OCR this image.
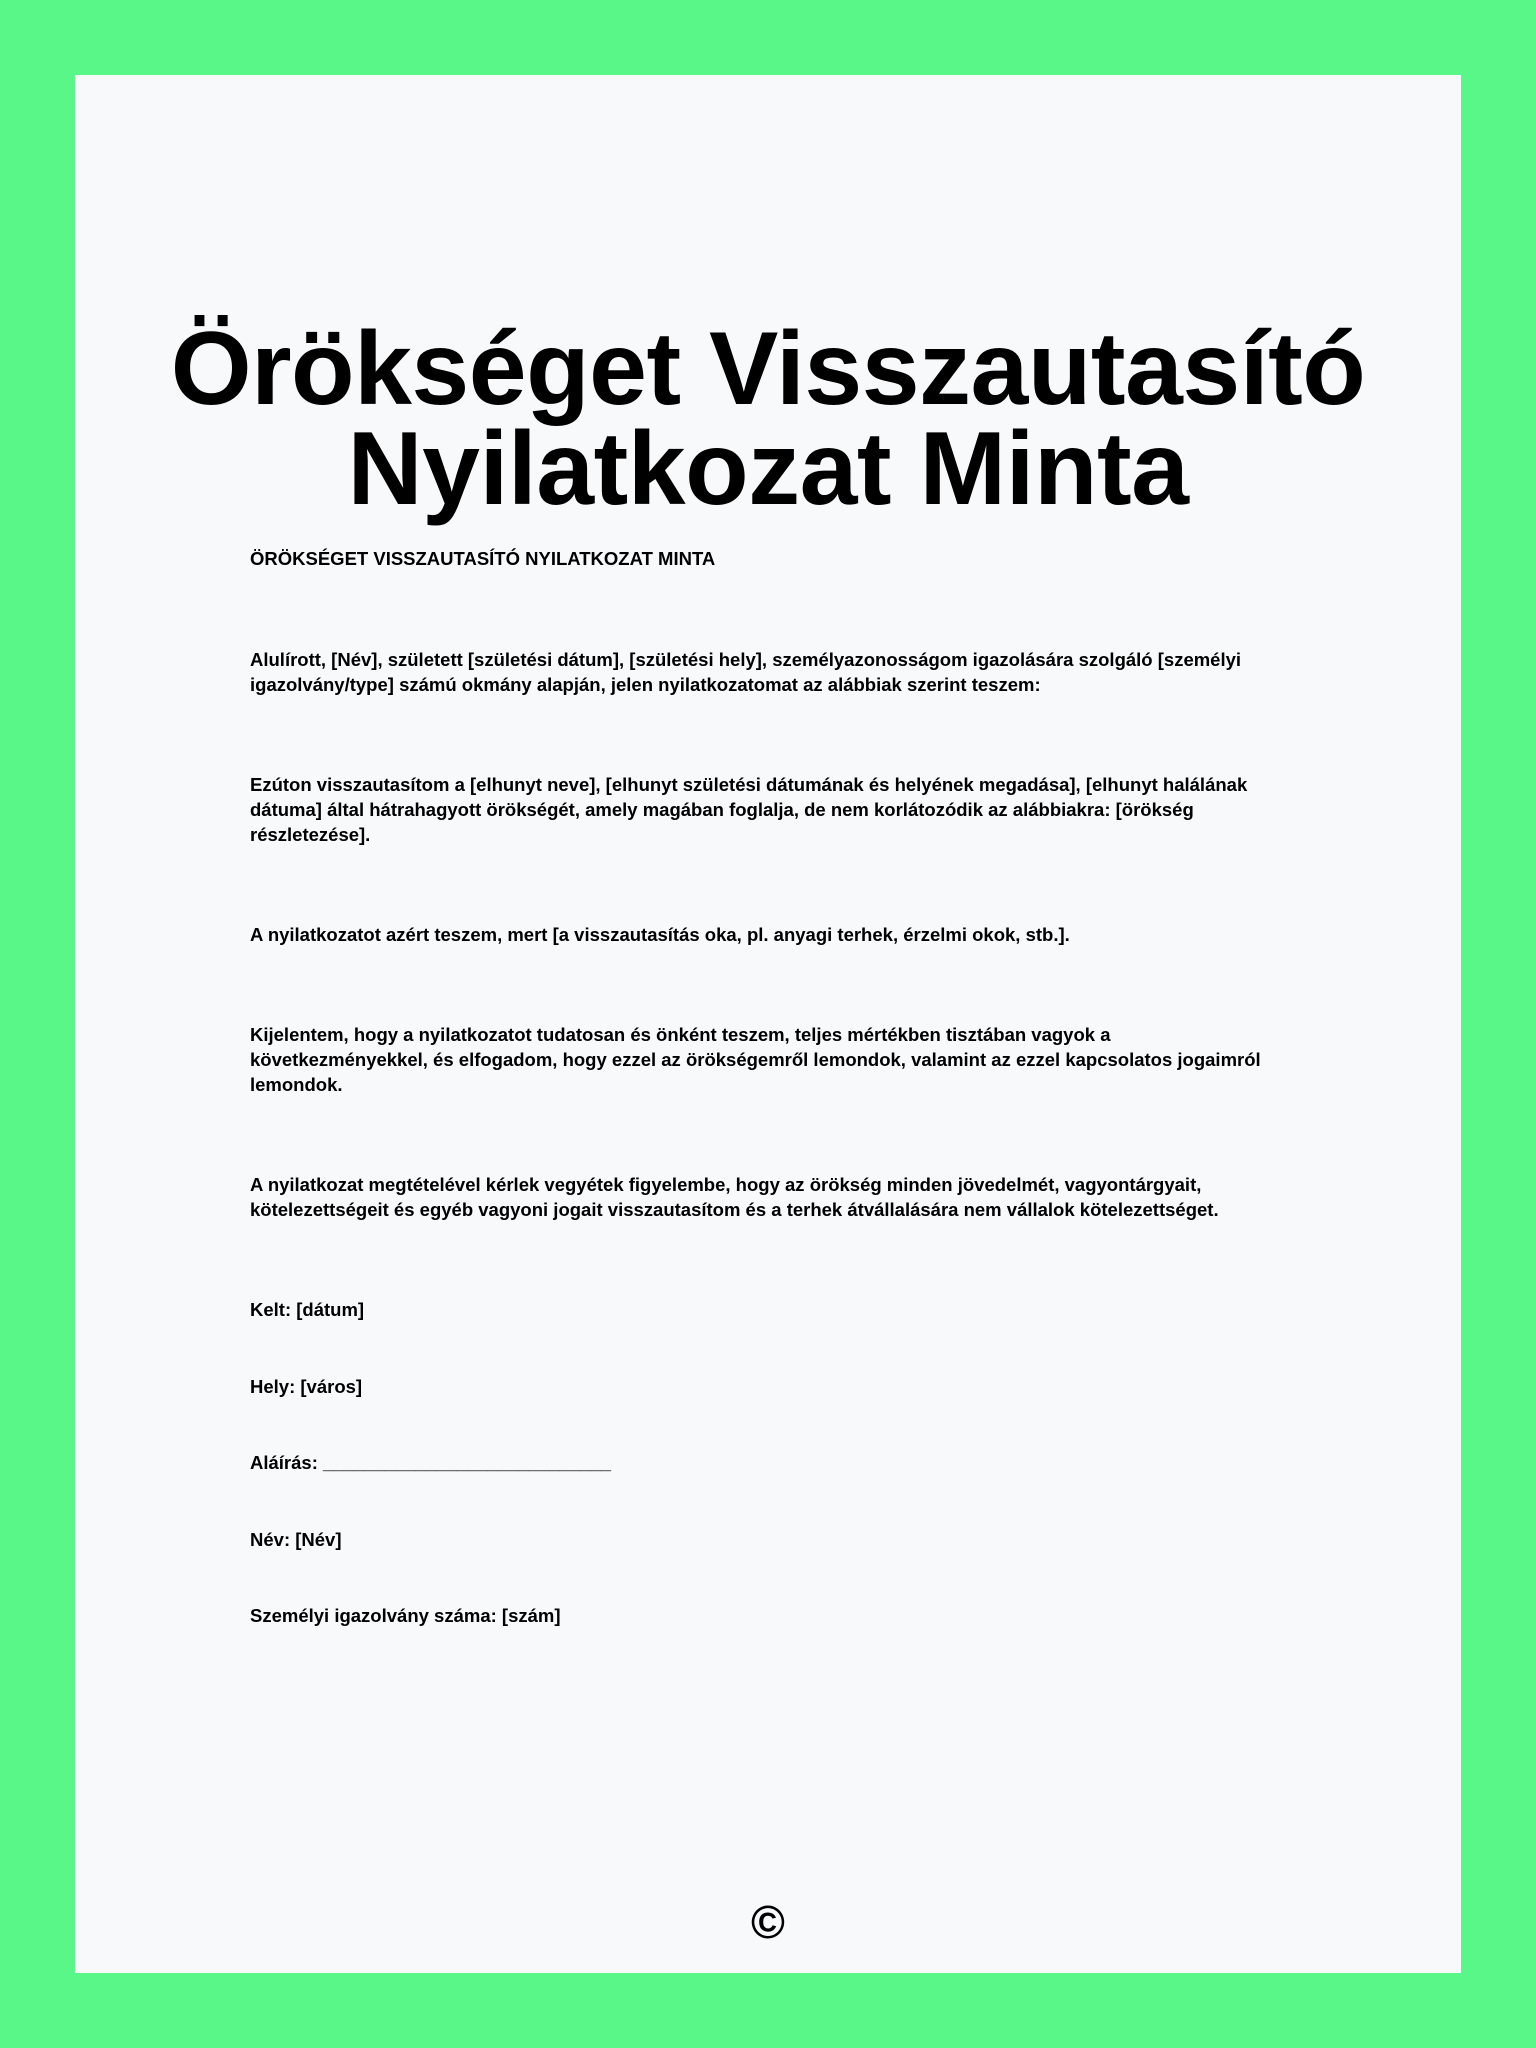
Örökséget Visszautasító
Nyilatkozat Minta

ÖRÖKSÉGET VISSZAUTASÍTÓ NYILATKOZAT MINTA

Alulírott, [Név], született [születési dátum], [születési hely], személyazonosságom igazolására szolgáló [személyi igazolvány/type] számú okmány alapján, jelen nyilatkozatomat az alábbiak szerint teszem:

Ezúton visszautasítom a [elhunyt neve], [elhunyt születési dátumának és helyének megadása], [elhunyt halálának dátuma] által hátrahagyott örökségét, amely magában foglalja, de nem korlátozódik az alábbiakra: [örökség részletezése].

A nyilatkozatot azért teszem, mert [a visszautasítás oka, pl. anyagi terhek, érzelmi okok, stb.].

Kijelentem, hogy a nyilatkozatot tudatosan és önként teszem, teljes mértékben tisztában vagyok a következményekkel, és elfogadom, hogy ezzel az örökségemről lemondok, valamint az ezzel kapcsolatos jogaimról lemondok.

A nyilatkozat megtételével kérlek vegyétek figyelembe, hogy az örökség minden jövedelmét, vagyontárgyait, kötelezettségeit és egyéb vagyoni jogait visszautasítom és a terhek átvállalására nem vállalok kötelezettséget.

Kelt: [dátum]

Hely: [város]

Aláírás: ____________________________

Név: [Név]

Személyi igazolvány száma: [szám]

©
